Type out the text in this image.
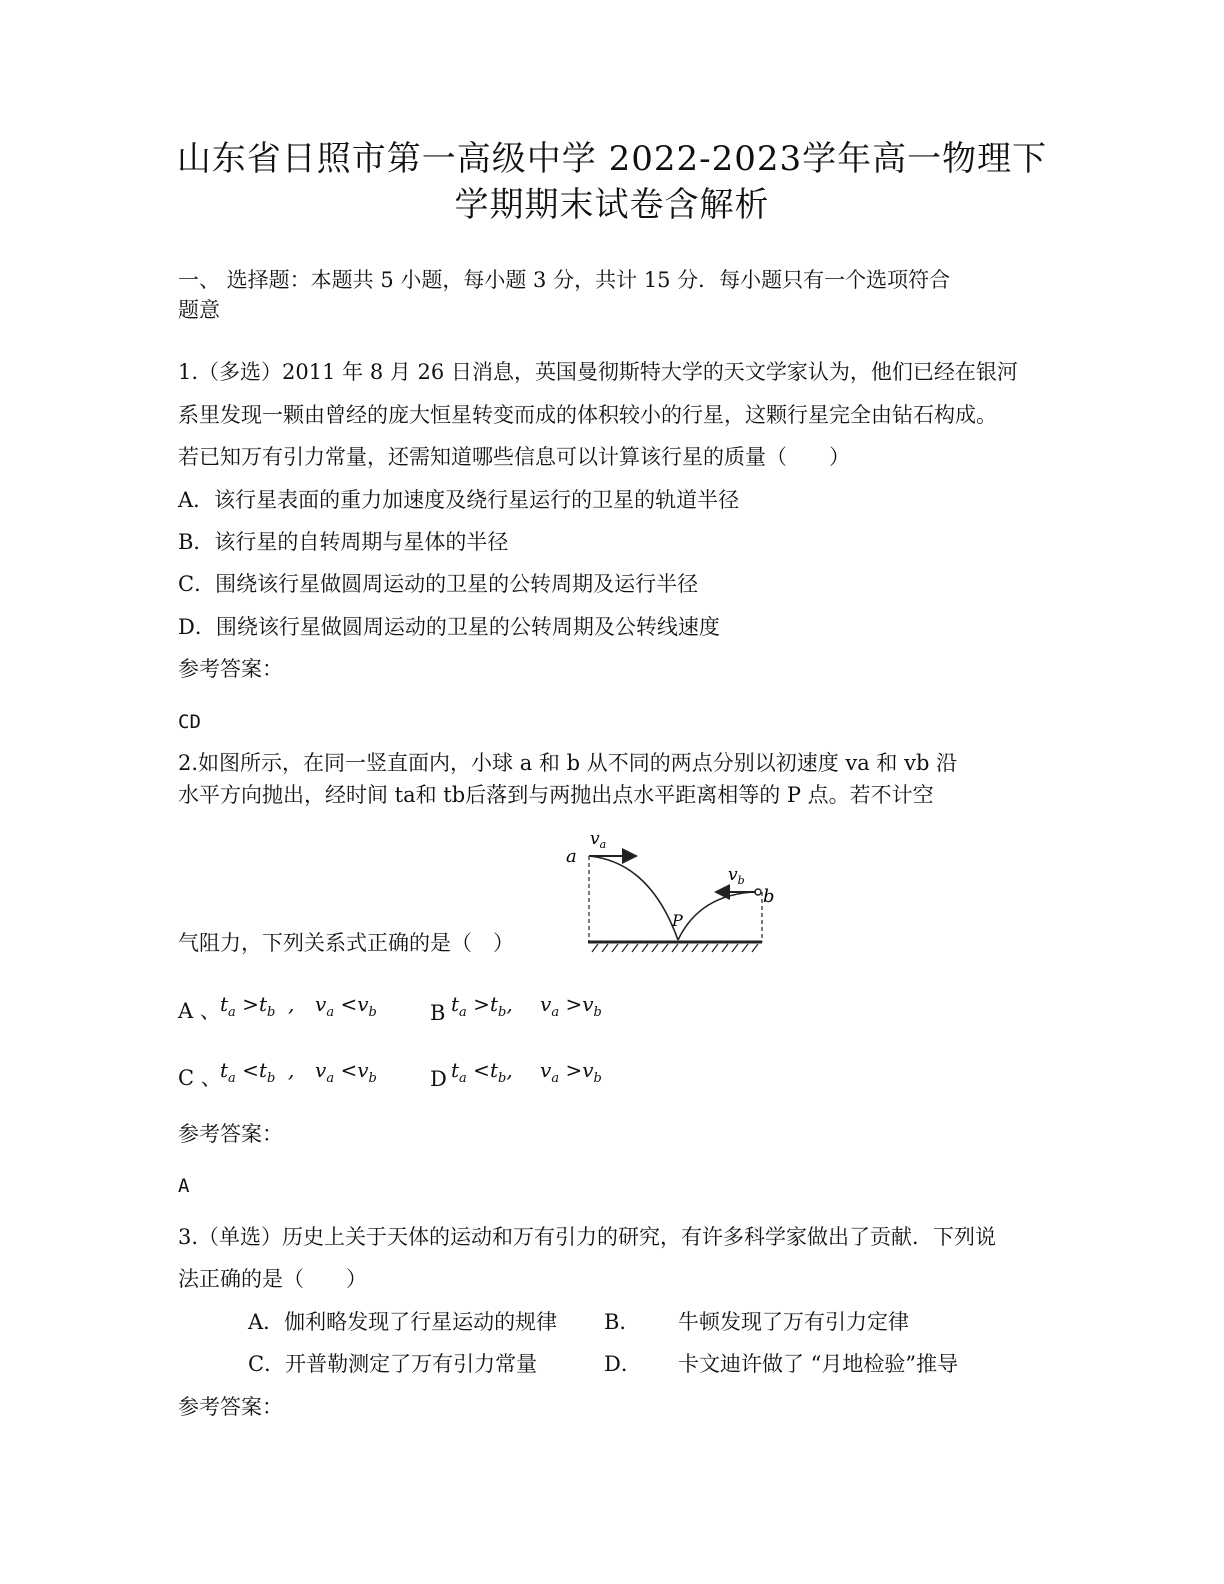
山东省日照市第一高级中学 2022-2023学年高一物理下
学期期末试卷含解析
一、 选择题：本题共 5 小题，每小题 3 分，共计 15 分．每小题只有一个选项符合
题意
1.（多选）2011 年 8 月 26 日消息，英国曼彻斯特大学的天文学家认为，他们已经在银河
系里发现一颗由曾经的庞大恒星转变而成的体积较小的行星，这颗行星完全由钻石构成。
若已知万有引力常量，还需知道哪些信息可以计算该行星的质量（　　）
A．该行星表面的重力加速度及绕行星运行的卫星的轨道半径
B．该行星的自转周期与星体的半径
C．围绕该行星做圆周运动的卫星的公转周期及运行半径
D．围绕该行星做圆周运动的卫星的公转周期及公转线速度
参考答案：
CD
2.如图所示，在同一竖直面内，小球 a 和 b 从不同的两点分别以初速度 va 和 vb 沿
水平方向抛出，经时间 ta和 tb后落到与两抛出点水平距离相等的 P 点。若不计空
气阻力，下列关系式正确的是（　）
a
b
P
$v_a$
$v_b$
A 、 $t_a >t_b$ , $v_a <v_b$	B $t_a >t_b$, $v_a >v_b$
C 、
$t_a <t_b$ , $v_a <v_b$	D $t_a <t_b$, $v_a >v_b$
参考答案：
A
3.（单选）历史上关于天体的运动和万有引力的研究，有许多科学家做出了贡献．下列说
法正确的是（　　）
A．伽利略发现了行星运动的规律 B． 牛顿发现了万有引力定律
C．开普勒测定了万有引力常量	D． 卡文迪许做了 “月地检验”推导
参考答案：
